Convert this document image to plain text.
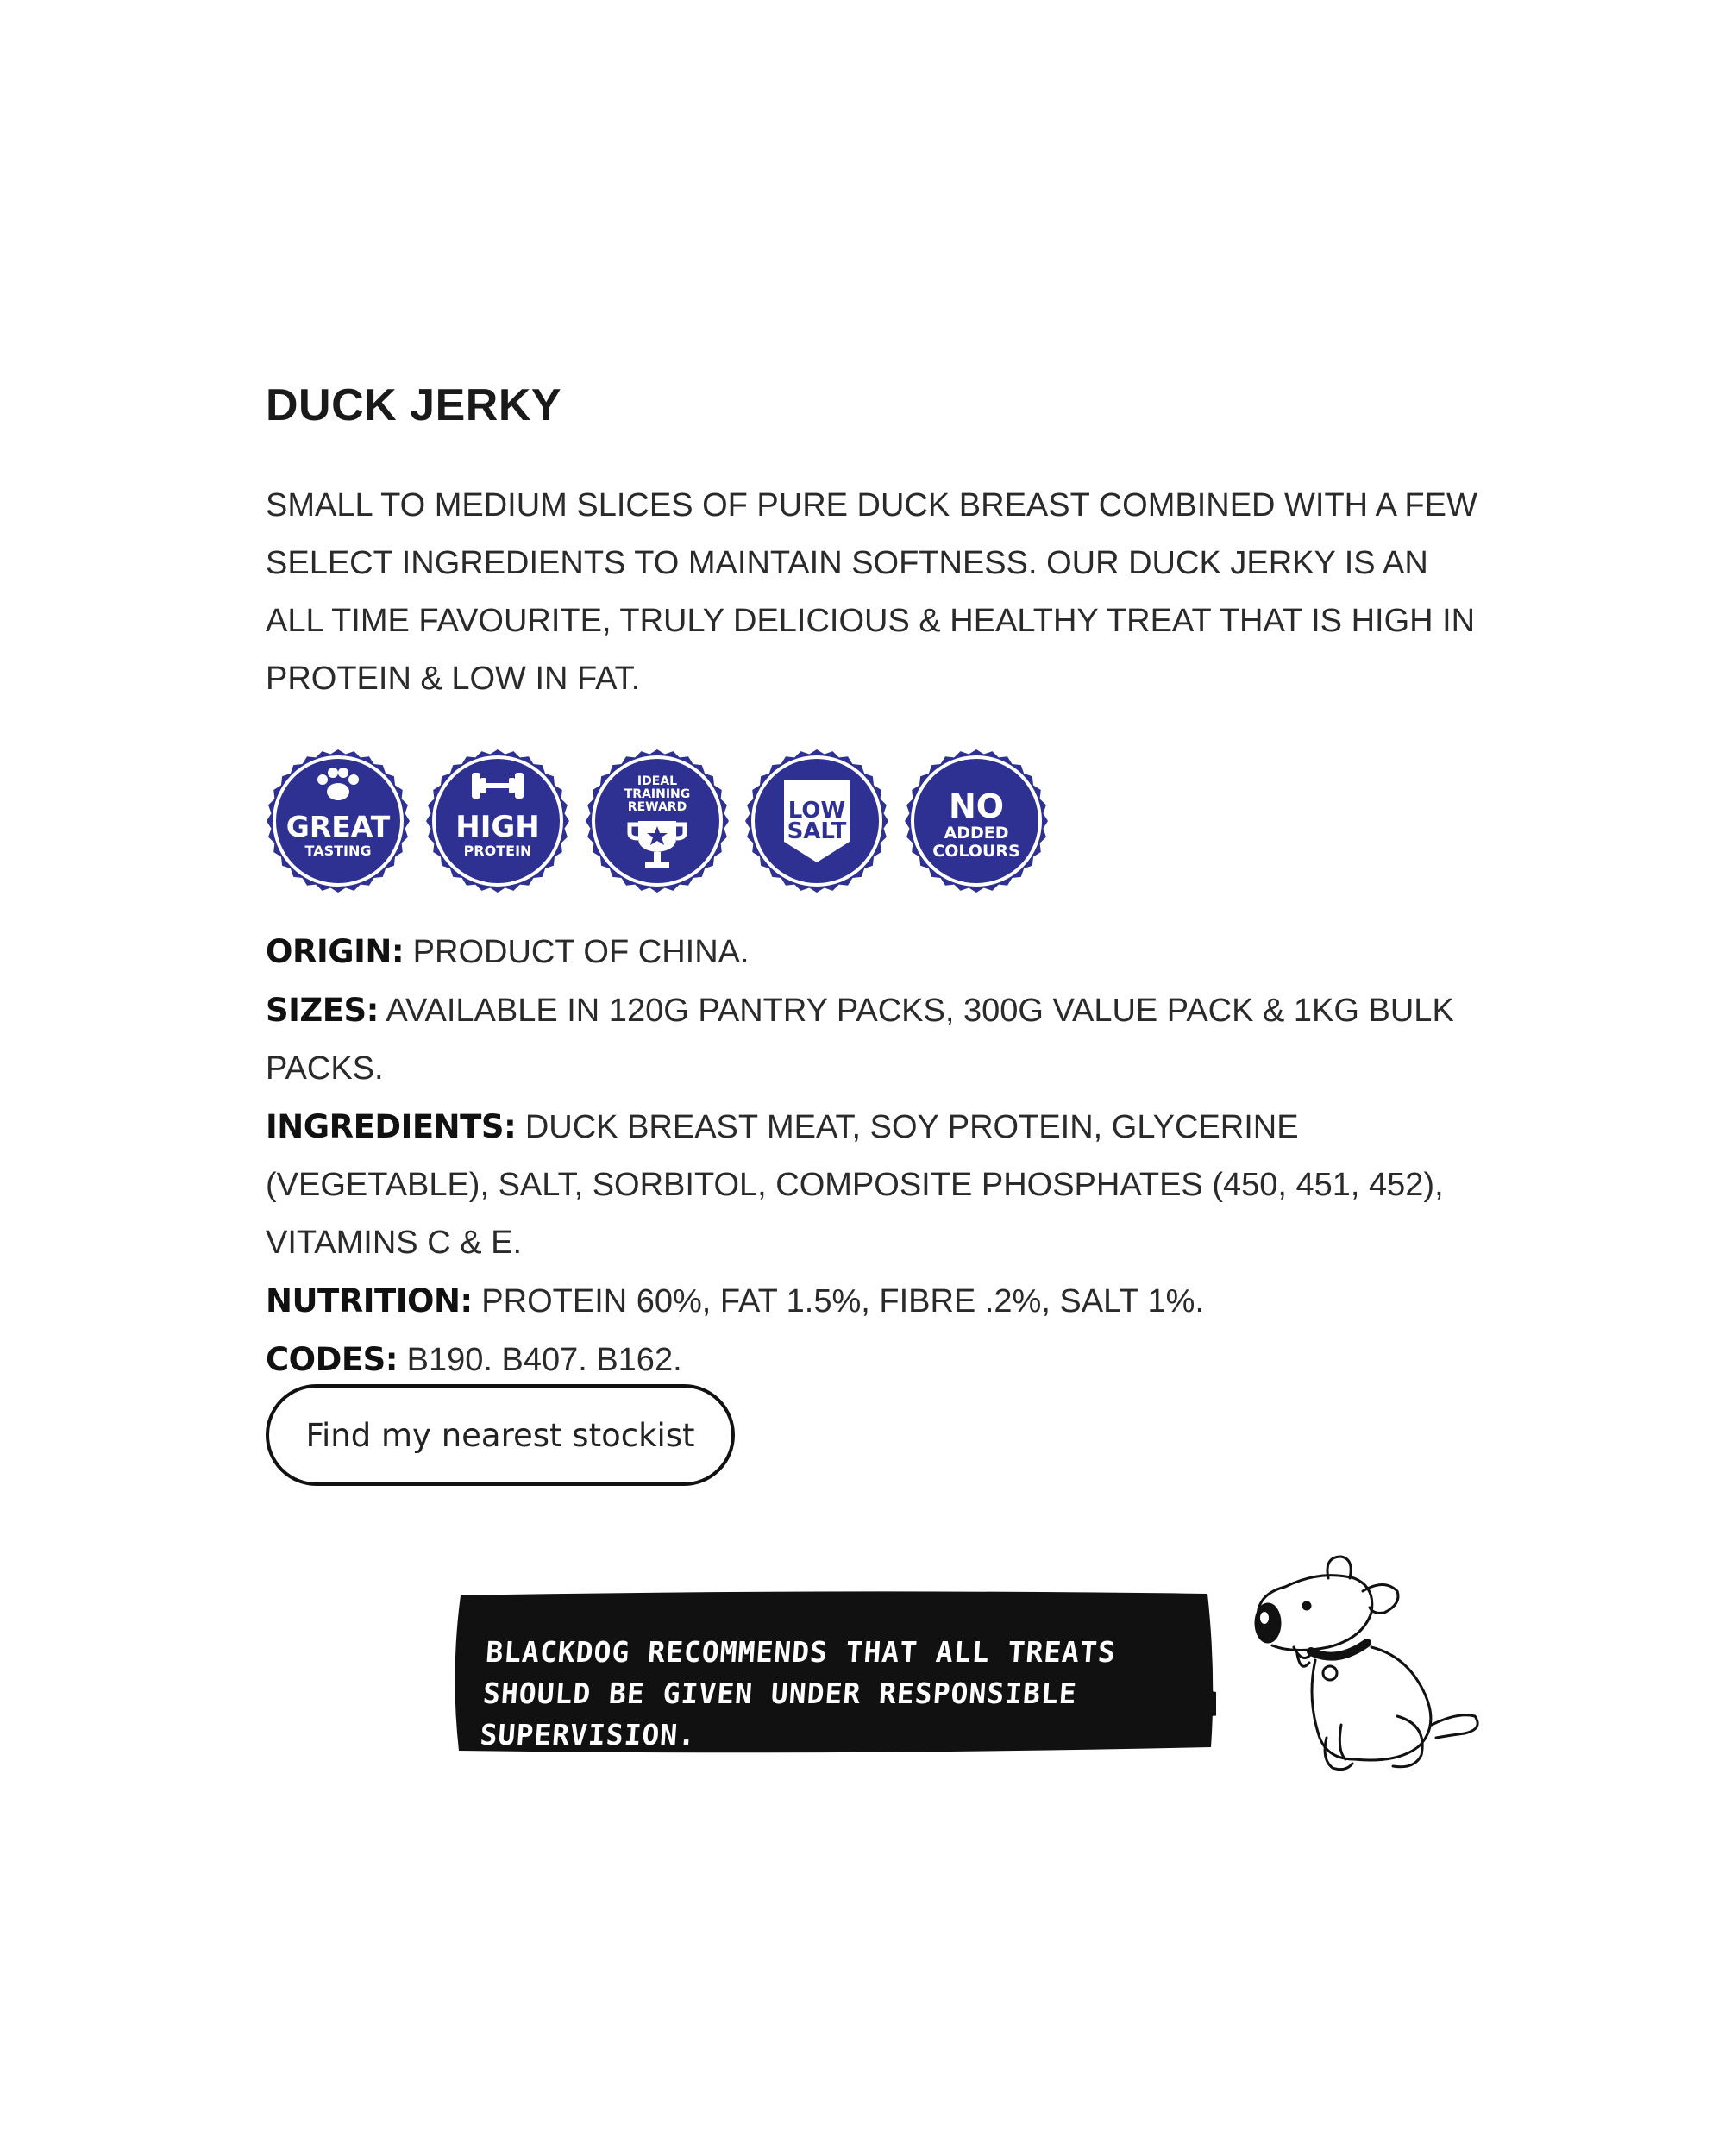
DUCK JERKY

SMALL TO MEDIUM SLICES OF PURE DUCK BREAST COMBINED WITH A FEW SELECT INGREDIENTS TO MAINTAIN SOFTNESS. OUR DUCK JERKY IS AN ALL TIME FAVOURITE, TRULY DELICIOUS & HEALTHY TREAT THAT IS HIGH IN PROTEIN & LOW IN FAT.

GREAT
TASTING
HIGH
PROTEIN
IDEAL
TRAINING
REWARD	LOW
SALT
NO
ADDED
COLOURS

ORIGIN: PRODUCT OF CHINA.

SIZES: AVAILABLE IN 120G PANTRY PACKS, 300G VALUE PACK & 1KG BULK PACKS.

INGREDIENTS: DUCK BREAST MEAT, SOY PROTEIN, GLYCERINE (VEGETABLE), SALT, SORBITOL, COMPOSITE PHOSPHATES (450, 451, 452), VITAMINS C & E.

NUTRITION: PROTEIN 60%, FAT 1.5%, FIBRE .2%, SALT 1%.

CODES: B190. B407. B162.

Find my nearest stockist

BLACKDOG RECOMMENDS THAT ALL TREATS
SHOULD BE GIVEN UNDER RESPONSIBLE SUPERVISION.
